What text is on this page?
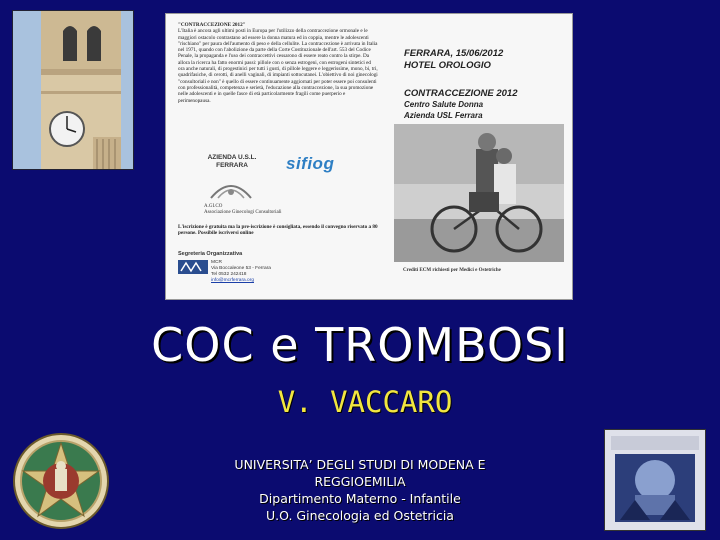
"CONTRACCEZIONE 2012"
L'Italia è ancora agli ultimi posti in Europa per l'utilizzo della contraccezione ormonale e le maggiori ostacolo contrastano ad essere la donna matura ed in coppia, mentre le adolescenti "rischiano" per paura dell'aumento di peso e della cellulite. La contraccezione è arrivata in Italia nel 1971, quando con l'abolizione da parte della Corte Costituzionale dell'art. 553 del Codice Penale, la propaganda e l'uso dei contraccettivi cessarono di essere reato contro la stirpe. Da allora la ricerca ha fatto enormi passi: pillole con o senza estrogeni, con estrogeni sintetici ed ora anche naturali, di progestinici per tutti i gusti, di pillole leggere e leggerissime, mono, bi, tri, quadrifasiche, di cerotti, di anelli vaginali, di impianti sottocutanei. L'obiettivo di noi ginecologi "consultoriali e non" è quello di essere continuamente aggiornati per poter essere poi consulenti con professionalità, competenza e serietà, l'educazione alla contraccezione, la sua promozione nelle adolescenti e in quelle fasce di età particolarmente fragili come puerperio e perimenopausa.
FERRARA, 15/06/2012
HOTEL OROLOGIO
CONTRACCEZIONE 2012
Centro Salute Donna
Azienda USL Ferrara
AZIENDA U.S.L.
FERRARA
A.GI.CO
Associazione Ginecologi Consultoriali
sifiog
L'iscrizione è gratuita ma la pre-iscrizione è consigliata, essendo il convegno riservato a 80 persone. Possibile iscriversi online
Segreteria Organizzativa
MCR
Via Boccaleone 53 - Ferrara
Tel 0532 242418
info@mcrferrara.org
Crediti ECM richiesti per Medici e Ostetriche
COC e TROMBOSI
V. VACCARO
UNIVERSITA’ DEGLI STUDI DI MODENA E
REGGIOEMILIA
Dipartimento Materno - Infantile
U.O. Ginecologia ed Ostetricia
